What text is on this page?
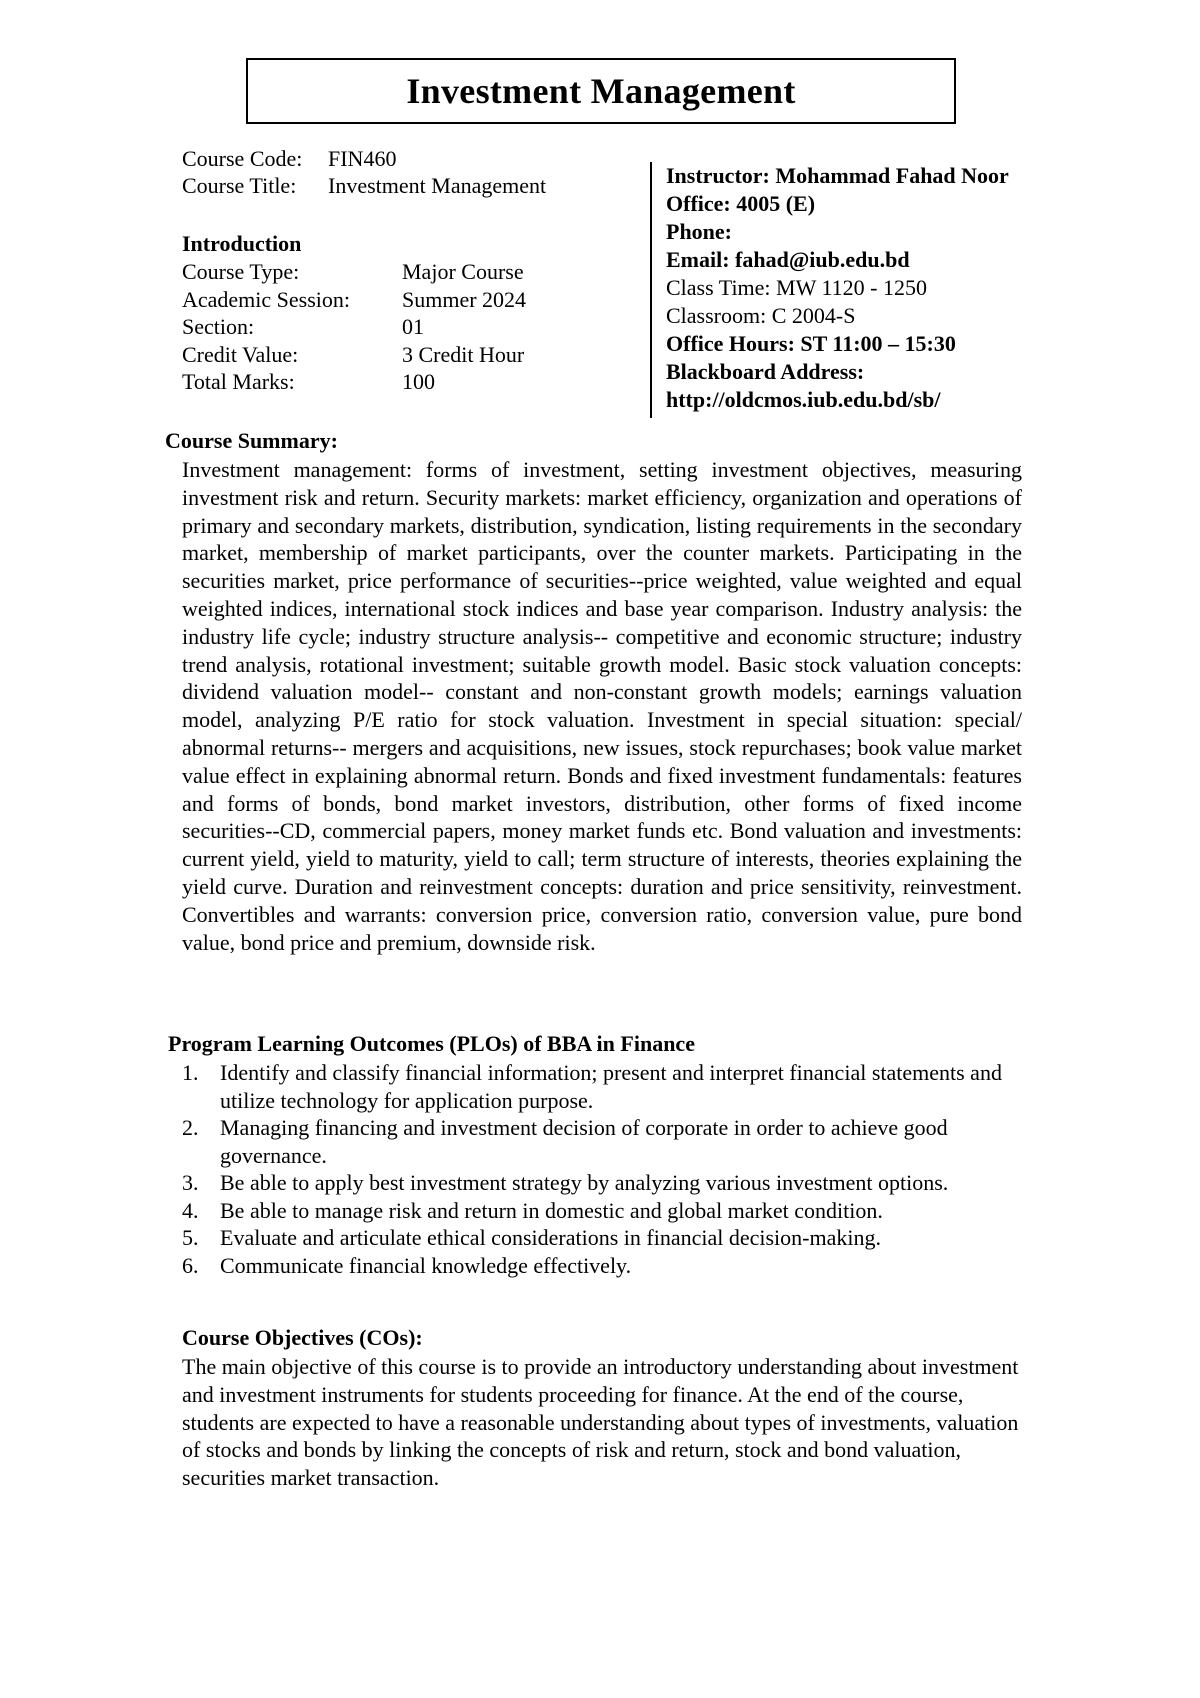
Investment Management
Course Code:	FIN460
Course Title:	Investment Management
Introduction
Course Type:	Major Course
Academic Session:	Summer 2024
Section:	01
Credit Value:	3 Credit Hour
Total Marks:	100
Instructor: Mohammad Fahad Noor
Office: 4005 (E)
Phone:
Email: fahad@iub.edu.bd
Class Time: MW 1120 - 1250
Classroom: C 2004-S
Office Hours: ST 11:00 – 15:30
Blackboard Address:
http://oldcmos.iub.edu.bd/sb/
Course Summary:
Investment management: forms of investment, setting investment objectives, measuring investment risk and return. Security markets: market efficiency, organization and operations of primary and secondary markets, distribution, syndication, listing requirements in the secondary market, membership of market participants, over the counter markets. Participating in the securities market, price performance of securities--price weighted, value weighted and equal weighted indices, international stock indices and base year comparison. Industry analysis: the industry life cycle; industry structure analysis-- competitive and economic structure; industry trend analysis, rotational investment; suitable growth model. Basic stock valuation concepts: dividend valuation model-- constant and non-constant growth models; earnings valuation model, analyzing P/E ratio for stock valuation. Investment in special situation: special/ abnormal returns-- mergers and acquisitions, new issues, stock repurchases; book value market value effect in explaining abnormal return. Bonds and fixed investment fundamentals: features and forms of bonds, bond market investors, distribution, other forms of fixed income securities--CD, commercial papers, money market funds etc. Bond valuation and investments: current yield, yield to maturity, yield to call; term structure of interests, theories explaining the yield curve. Duration and reinvestment concepts: duration and price sensitivity, reinvestment. Convertibles and warrants: conversion price, conversion ratio, conversion value, pure bond value, bond price and premium, downside risk.
Program Learning Outcomes (PLOs) of BBA in Finance
1. Identify and classify financial information; present and interpret financial statements and utilize technology for application purpose.
2. Managing financing and investment decision of corporate in order to achieve good governance.
3. Be able to apply best investment strategy by analyzing various investment options.
4. Be able to manage risk and return in domestic and global market condition.
5. Evaluate and articulate ethical considerations in financial decision-making.
6. Communicate financial knowledge effectively.
Course Objectives (COs):
The main objective of this course is to provide an introductory understanding about investment and investment instruments for students proceeding for finance. At the end of the course, students are expected to have a reasonable understanding about types of investments, valuation of stocks and bonds by linking the concepts of risk and return, stock and bond valuation, securities market transaction.
